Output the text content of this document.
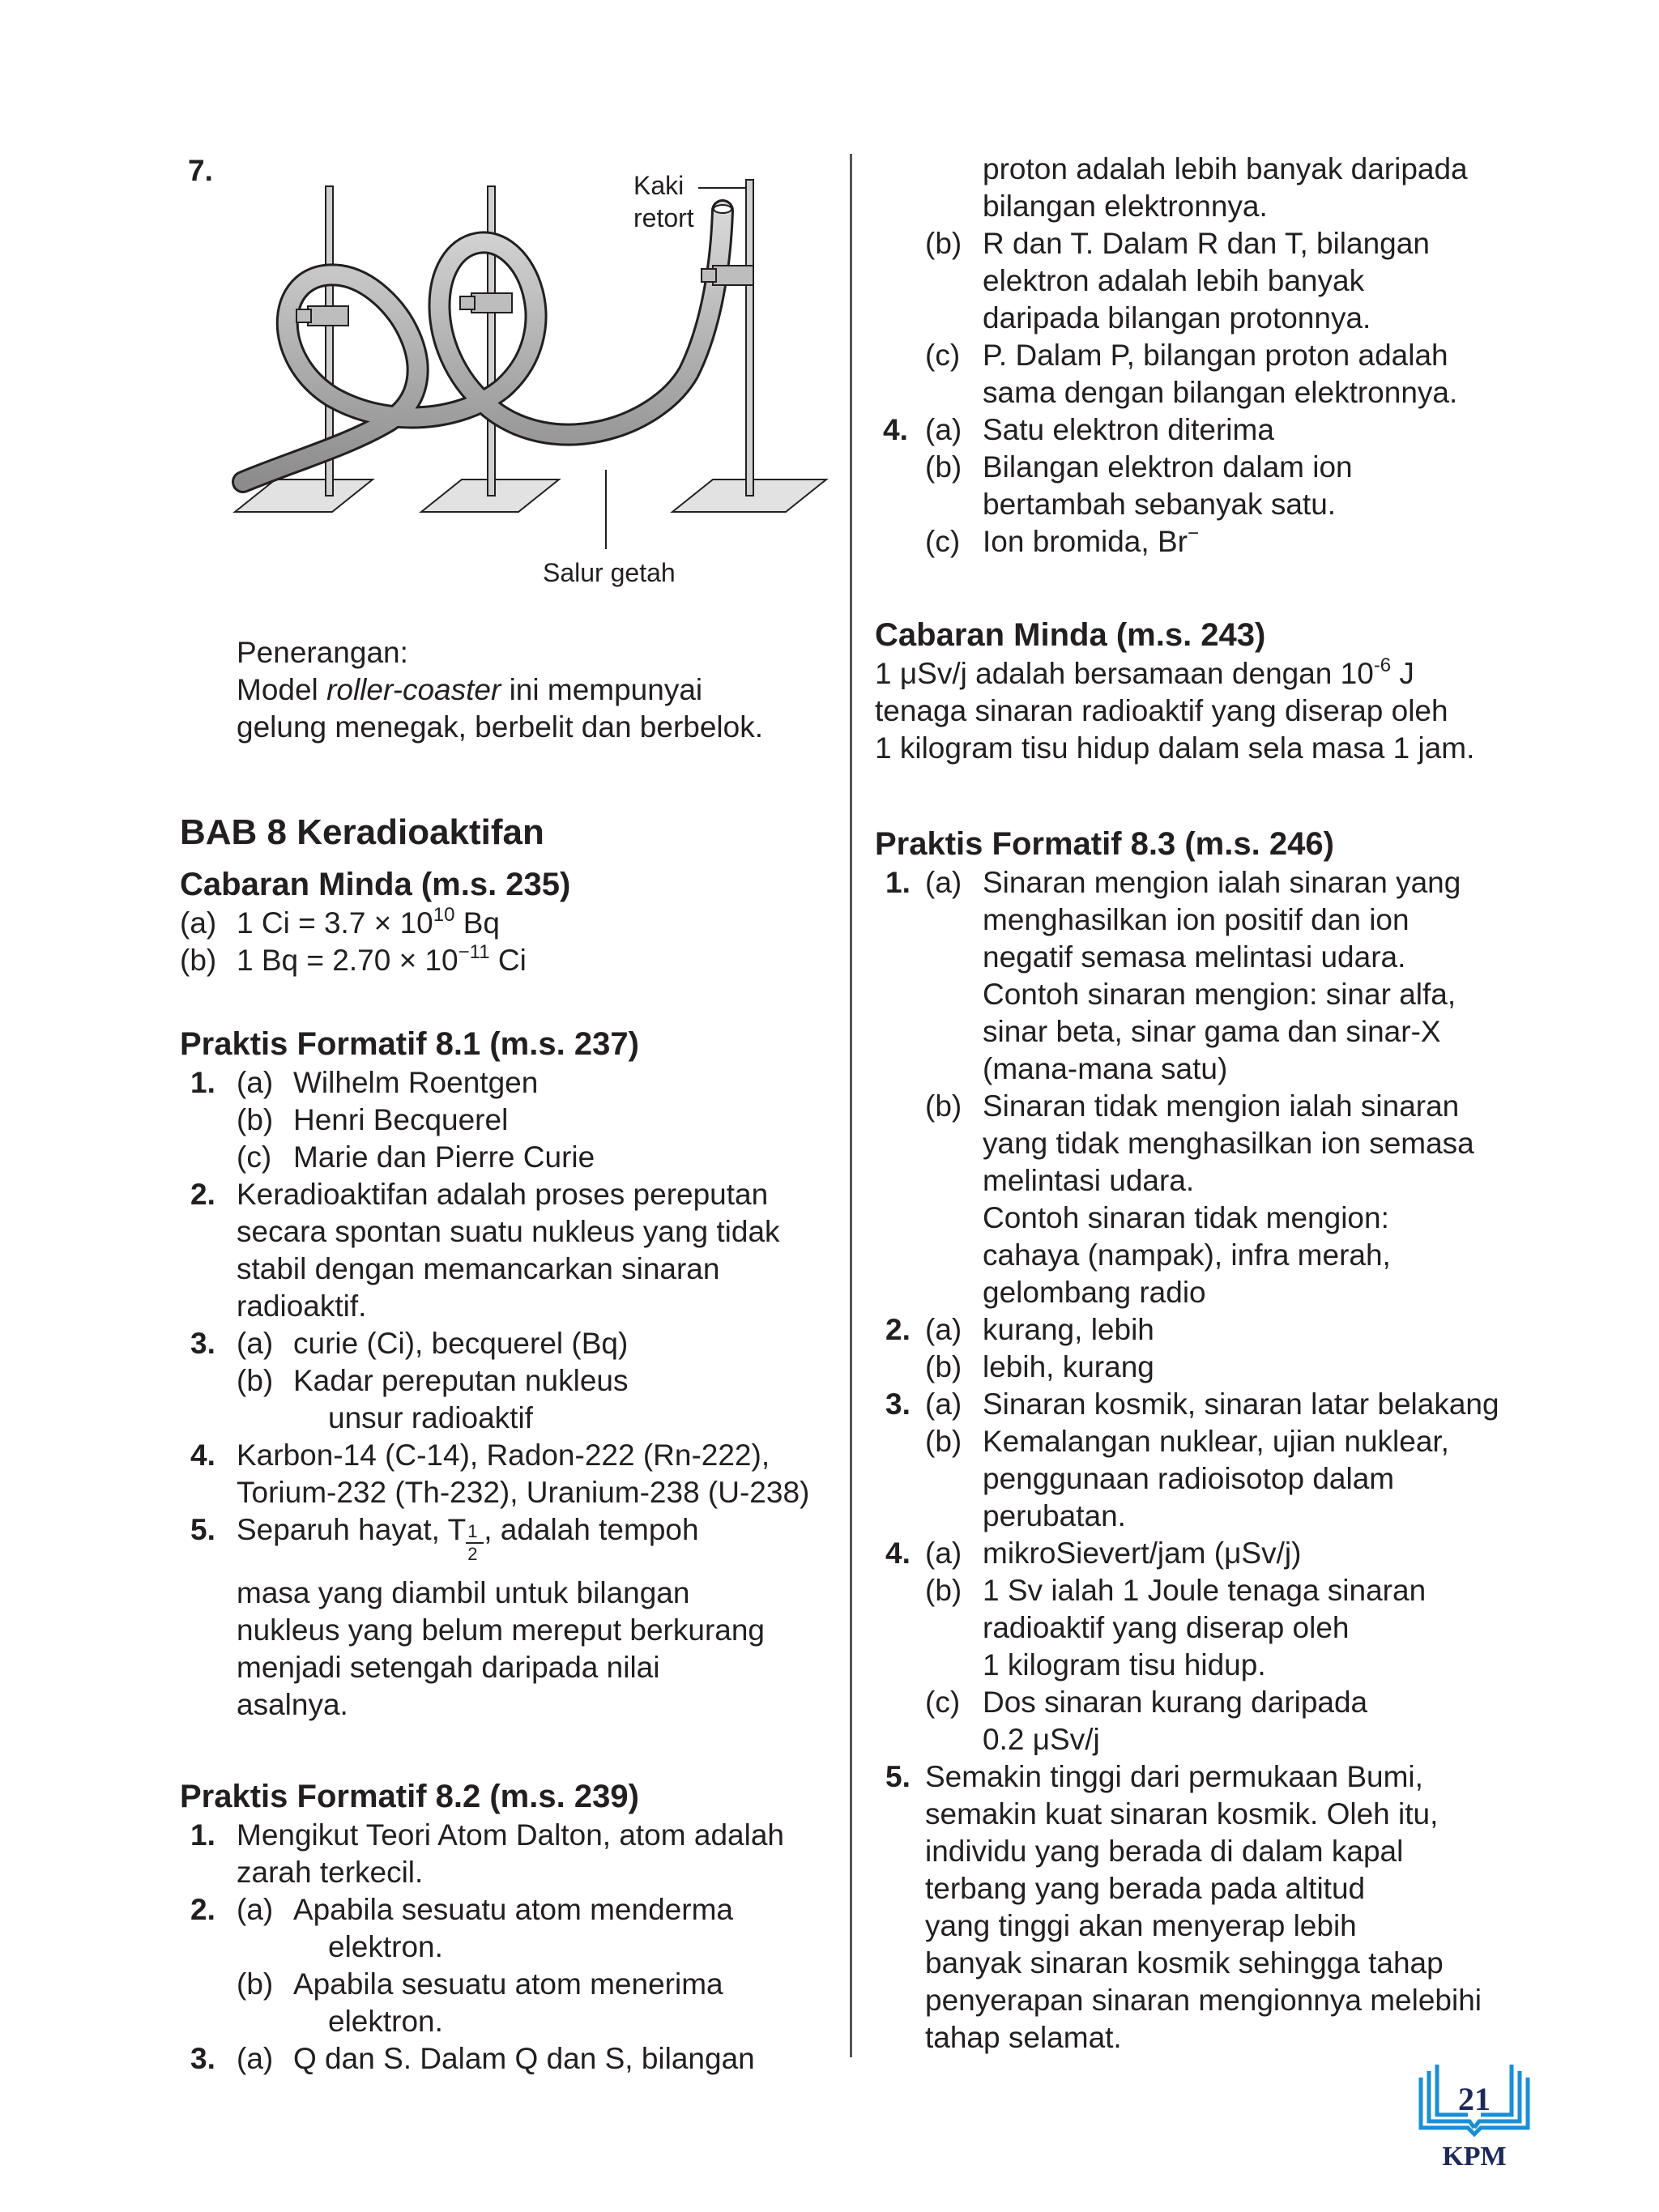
7.	Kaki
retort
Salur getah
Penerangan:
Model roller-coaster ini mempunyai
gelung menegak, berbelit dan berbelok.
BAB 8 Keradioaktifan
Cabaran Minda (m.s. 235)
(a) 1 $Ci = 3.7 \times 10^{10}$ Bq
(b) 1 $Bq = 2.70 \times 10^{-11}$ Ci
Praktis Formatif 8.1 (m.s. 237)
1. (a) Wilhelm Roentgen
(b) Henri Becquerel
(c) Marie dan Pierre Curie
2. Keradioaktifan adalah proses pereputan
secara spontan suatu nukleus yang tidak
stabil dengan memancarkan sinaran
radioaktif.
3. (a) curie (Ci), becquerel (Bq)
(b) Kadar pereputan nukleus
unsur radioaktif
4. Karbon-14 (C-14), Radon-222 (Rn-222),
Torium-232 (Th-232), Uranium-238 (U-238)
5. Separuh hayat, T $\frac{1}{2}$ , adalah tempoh
masa yang diambil untuk bilangan
nukleus yang belum mereput berkurang
menjadi setengah daripada nilai
asalnya.
Praktis Formatif 8.2 (m.s. 239)
1. Mengikut Teori Atom Dalton, atom adalah
zarah terkecil.
2. (a) Apabila sesuatu atom menderma
elektron.
(b) Apabila sesuatu atom menerima
elektron.
3. (a) Q dan S. Dalam Q dan S, bilangan
proton adalah lebih banyak daripada
bilangan elektronnya.
(b) R dan T. Dalam R dan T, bilangan
elektron adalah lebih banyak
daripada bilangan protonnya.
(c) P. Dalam P, bilangan proton adalah
sama dengan bilangan elektronnya.
4. (a) Satu elektron diterima
(b) Bilangan elektron dalam ion
bertambah sebanyak satu.
(c) Ion bromida, Br−
Cabaran Minda (m.s. 243)
1 μSv/j adalah bersamaan dengan $10^{-6}$ J
tenaga sinaran radioaktif yang diserap oleh
1 kilogram tisu hidup dalam sela masa 1 jam.
Praktis Formatif 8.3 (m.s. 246)
1. (a) Sinaran mengion ialah sinaran yang
menghasilkan ion positif dan ion
negatif semasa melintasi udara.
Contoh sinaran mengion: sinar alfa,
sinar beta, sinar gama dan sinar-X
(mana-mana satu)
(b) Sinaran tidak mengion ialah sinaran
yang tidak menghasilkan ion semasa
melintasi udara.
Contoh sinaran tidak mengion:
cahaya (nampak), infra merah,
gelombang radio
2. (a) kurang, lebih
(b) lebih, kurang
3. (a) Sinaran kosmik, sinaran latar belakang
(b) Kemalangan nuklear, ujian nuklear,
penggunaan radioisotop dalam
perubatan.
4. (a) mikroSievert/jam (μSv/j)
(b) 1 Sv ialah 1 Joule tenaga sinaran
radioaktif yang diserap oleh
1 kilogram tisu hidup.
(c) Dos sinaran kurang daripada
0.2 μSv/j
5. Semakin tinggi dari permukaan Bumi,
semakin kuat sinaran kosmik. Oleh itu,
individu yang berada di dalam kapal
terbang yang berada pada altitud
yang tinggi akan menyerap lebih
banyak sinaran kosmik sehingga tahap
penyerapan sinaran mengionnya melebihi
tahap selamat.
21
KPM
